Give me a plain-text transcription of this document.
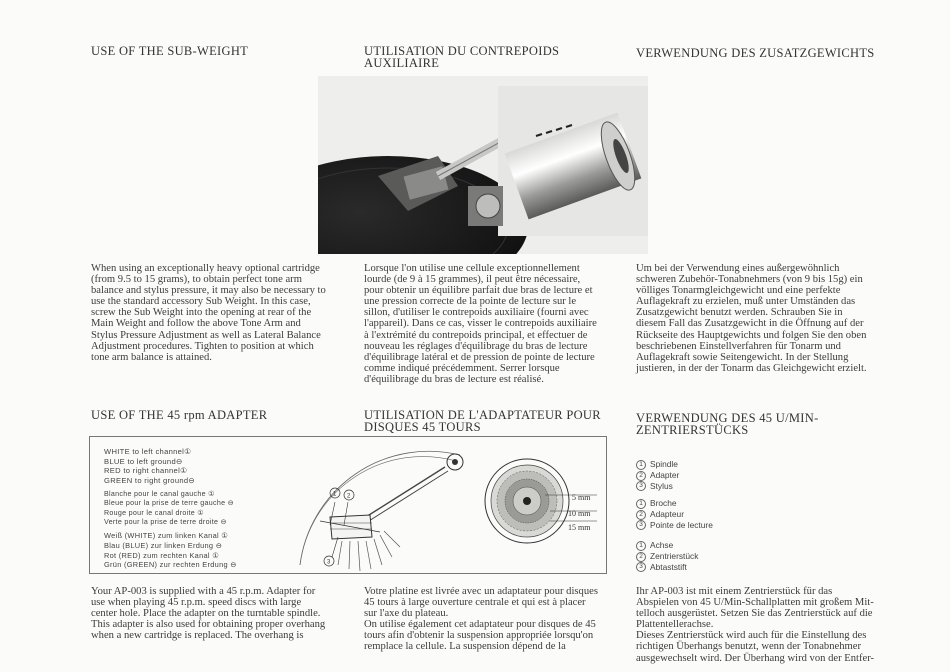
USE OF THE SUB-WEIGHT	UTILISATION DU CONTREPOIDS
AUXILIAIRE
VERWENDUNG DES ZUSATZGEWICHTS
When using an exceptionally heavy optional cartridge
(from 9.5 to 15 grams), to obtain perfect tone arm
balance and stylus pressure, it may also be necessary to
use the standard accessory Sub Weight. In this case,
screw the Sub Weight into the opening at rear of the
Main Weight and follow the above Tone Arm and
Stylus Pressure Adjustment as well as Lateral Balance
Adjustment procedures. Tighten to position at which
tone arm balance is attained.
Lorsque l'on utilise une cellule exceptionnellement
lourde (de 9 à 15 grammes), il peut être nécessaire,
pour obtenir un équilibre parfait due bras de lecture et
une pression correcte de la pointe de lecture sur le
sillon, d'utiliser le contrepoids auxiliaire (fourni avec
l'appareil). Dans ce cas, visser le contrepoids auxiliaire
à l'extrémité du contrepoids principal, et effectuer de
nouveau les réglages d'équilibrage du bras de lecture
d'équilibrage latéral et de pression de pointe de lecture
comme indiqué précédemment. Serrer lorsque
d'équilibrage du bras de lecture est réalisé.
Um bei der Verwendung eines außergewöhnlich
schweren Zubehör-Tonabnehmers (von 9 bis 15g) ein
völliges Tonarmgleichgewicht und eine perfekte
Auflagekraft zu erzielen, muß unter Umständen das
Zusatzgewicht benutzt werden. Schrauben Sie in
diesem Fall das Zusatzgewicht in die Öffnung auf der
Rückseite des Hauptgewichts und folgen Sie den oben
beschriebenen Einstellverfahren für Tonarm und
Auflagekraft sowie Seitengewicht. In der Stellung
justieren, in der der Tonarm das Gleichgewicht erzielt.
USE OF THE 45 rpm ADAPTER	UTILISATION DE L'ADAPTATEUR POUR
DISQUES 45 TOURS
VERWENDUNG DES 45 U/MIN-
ZENTRIERSTÜCKS
WHITE to left channel①
BLUE to left ground⊖
RED to right channel①
GREEN to right ground⊖
Blanche pour le canal gauche ①
Bleue pour la prise de terre gauche ⊖
Rouge pour le canal droite ①
Verte pour la prise de terre droite ⊖
Weiß (WHITE) zum linken Kanal ①
Blau (BLUE) zur linken Erdung ⊖
Rot (RED) zum rechten Kanal ①
Grün (GREEN) zur rechten Erdung ⊖
1 2
3
5 mm
10 mm
15 mm
1 Spindle
2 Adapter
3 Stylus
1 Broche
2 Adapteur
3 Pointe de lecture
1 Achse
2 Zentrierstück
3 Abtaststift
Your AP-003 is supplied with a 45 r.p.m. Adapter for
use when playing 45 r.p.m. speed discs with large
center hole. Place the adapter on the turntable spindle.
This adapter is also used for obtaining proper overhang
when a new cartridge is replaced. The overhang is
Votre platine est livrée avec un adaptateur pour disques
45 tours à large ouverture centrale et qui est à placer
sur l'axe du plateau.
On utilise également cet adaptateur pour disques de 45
tours afin d'obtenir la suspension appropriée lorsqu'on
remplace la cellule. La suspension dépend de la
Ihr AP-003 ist mit einem Zentrierstück für das
Abspielen von 45 U/Min-Schallplatten mit großem Mit-
telloch ausgerüstet. Setzen Sie das Zentrierstück auf die
Plattentellerachse.
Dieses Zentrierstück wird auch für die Einstellung des
richtigen Überhangs benutzt, wenn der Tonabnehmer
ausgewechselt wird. Der Überhang wird von der Entfer-
